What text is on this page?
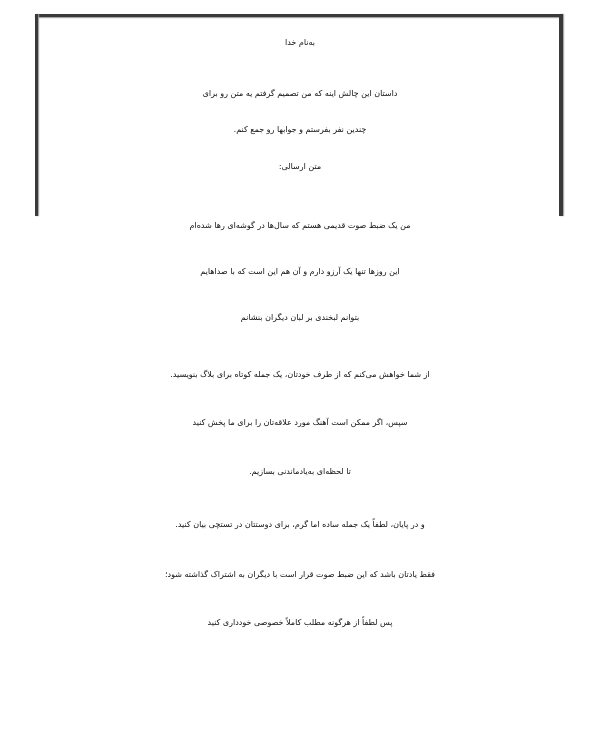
به‌نام خدا
داستان این چالش اینه که من تصمیم گرفتم یه متن رو برای
چندین نفر بفرستم و جوابها رو جمع کنم.
متن ارسالی:
من یک ضبط صوت قدیمی هستم که سال‌ها در گوشه‌ای رها شده‌ام
این روزها تنها یک آرزو دارم و آن هم این است که با صداهایم
بتوانم لبخندی بر لبان دیگران بنشانم
از شما خواهش می‌کنم که از طرف خودتان، یک جمله کوتاه برای بلاگ بنویسید.
سپس، اگر ممکن است آهنگ مورد علاقه‌تان را برای ما پخش کنید
تا لحظه‌ای به‌یادماندنی بسازیم.
و در پایان، لطفاً یک جمله ساده اما گرم، برای دوستتان در تستچی بیان کنید.
فقط یادتان باشد که این ضبط صوت قرار است با دیگران به اشتراک گذاشته شود؛
پس لطفاً از هرگونه مطلب کاملاً خصوصی خودداری کنید
